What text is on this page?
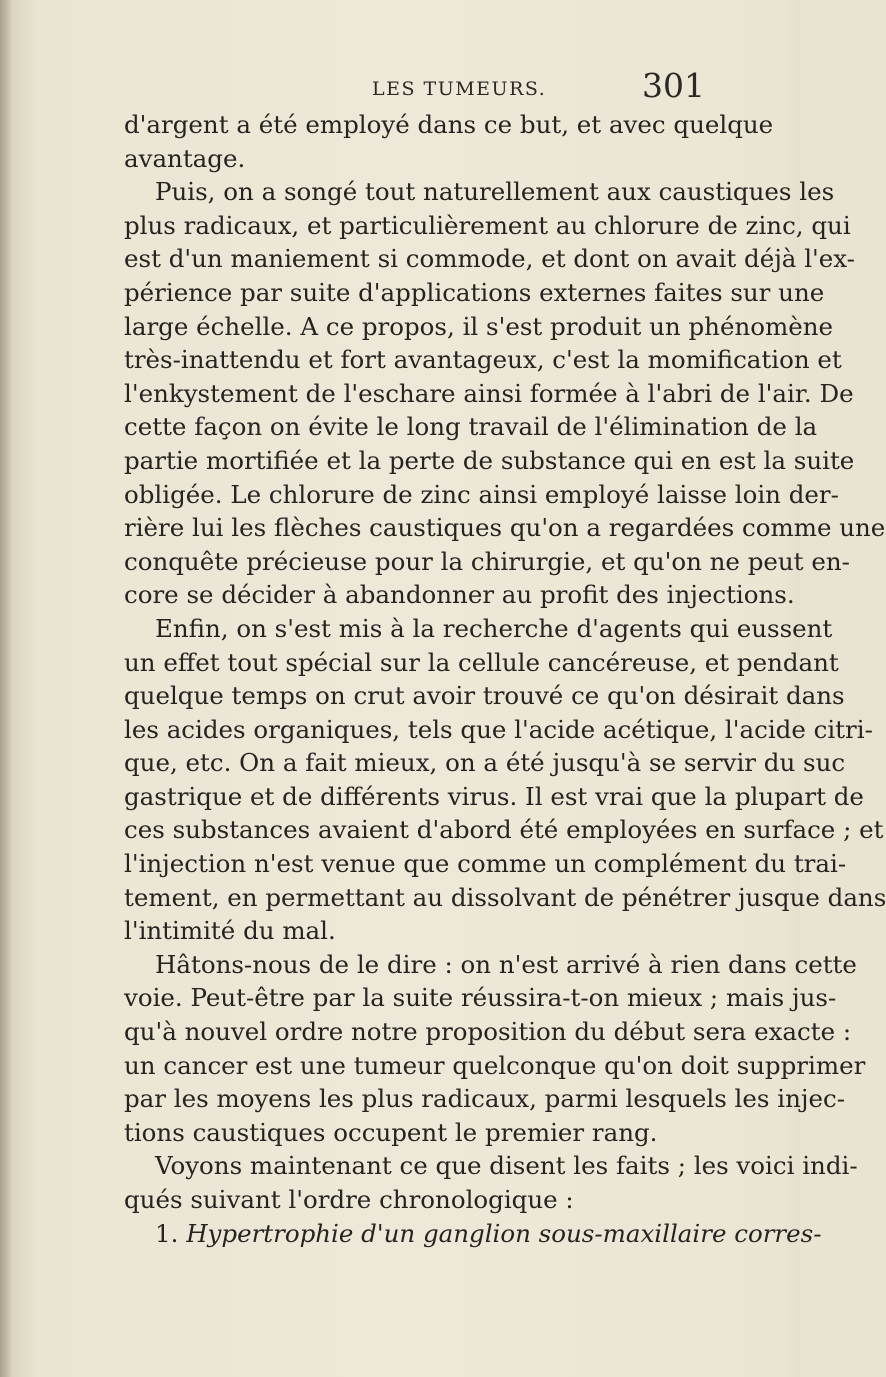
LES TUMEURS.	301
d'argent a été employé dans ce but, et avec quelque
avantage.
Puis, on a songé tout naturellement aux caustiques les
plus radicaux, et particulièrement au chlorure de zinc, qui
est d'un maniement si commode, et dont on avait déjà l'ex-
périence par suite d'applications externes faites sur une
large échelle. A ce propos, il s'est produit un phénomène
très-inattendu et fort avantageux, c'est la momification et
l'enkystement de l'eschare ainsi formée à l'abri de l'air. De
cette façon on évite le long travail de l'élimination de la
partie mortifiée et la perte de substance qui en est la suite
obligée. Le chlorure de zinc ainsi employé laisse loin der-
rière lui les flèches caustiques qu'on a regardées comme une
conquête précieuse pour la chirurgie, et qu'on ne peut en-
core se décider à abandonner au profit des injections.
Enfin, on s'est mis à la recherche d'agents qui eussent
un effet tout spécial sur la cellule cancéreuse, et pendant
quelque temps on crut avoir trouvé ce qu'on désirait dans
les acides organiques, tels que l'acide acétique, l'acide citri-
que, etc. On a fait mieux, on a été jusqu'à se servir du suc
gastrique et de différents virus. Il est vrai que la plupart de
ces substances avaient d'abord été employées en surface ; et
l'injection n'est venue que comme un complément du trai-
tement, en permettant au dissolvant de pénétrer jusque dans
l'intimité du mal.
Hâtons-nous de le dire : on n'est arrivé à rien dans cette
voie. Peut-être par la suite réussira-t-on mieux ; mais jus-
qu'à nouvel ordre notre proposition du début sera exacte :
un cancer est une tumeur quelconque qu'on doit supprimer
par les moyens les plus radicaux, parmi lesquels les injec-
tions caustiques occupent le premier rang.
Voyons maintenant ce que disent les faits ; les voici indi-
qués suivant l'ordre chronologique :
1. Hypertrophie d'un ganglion sous-maxillaire corres-
